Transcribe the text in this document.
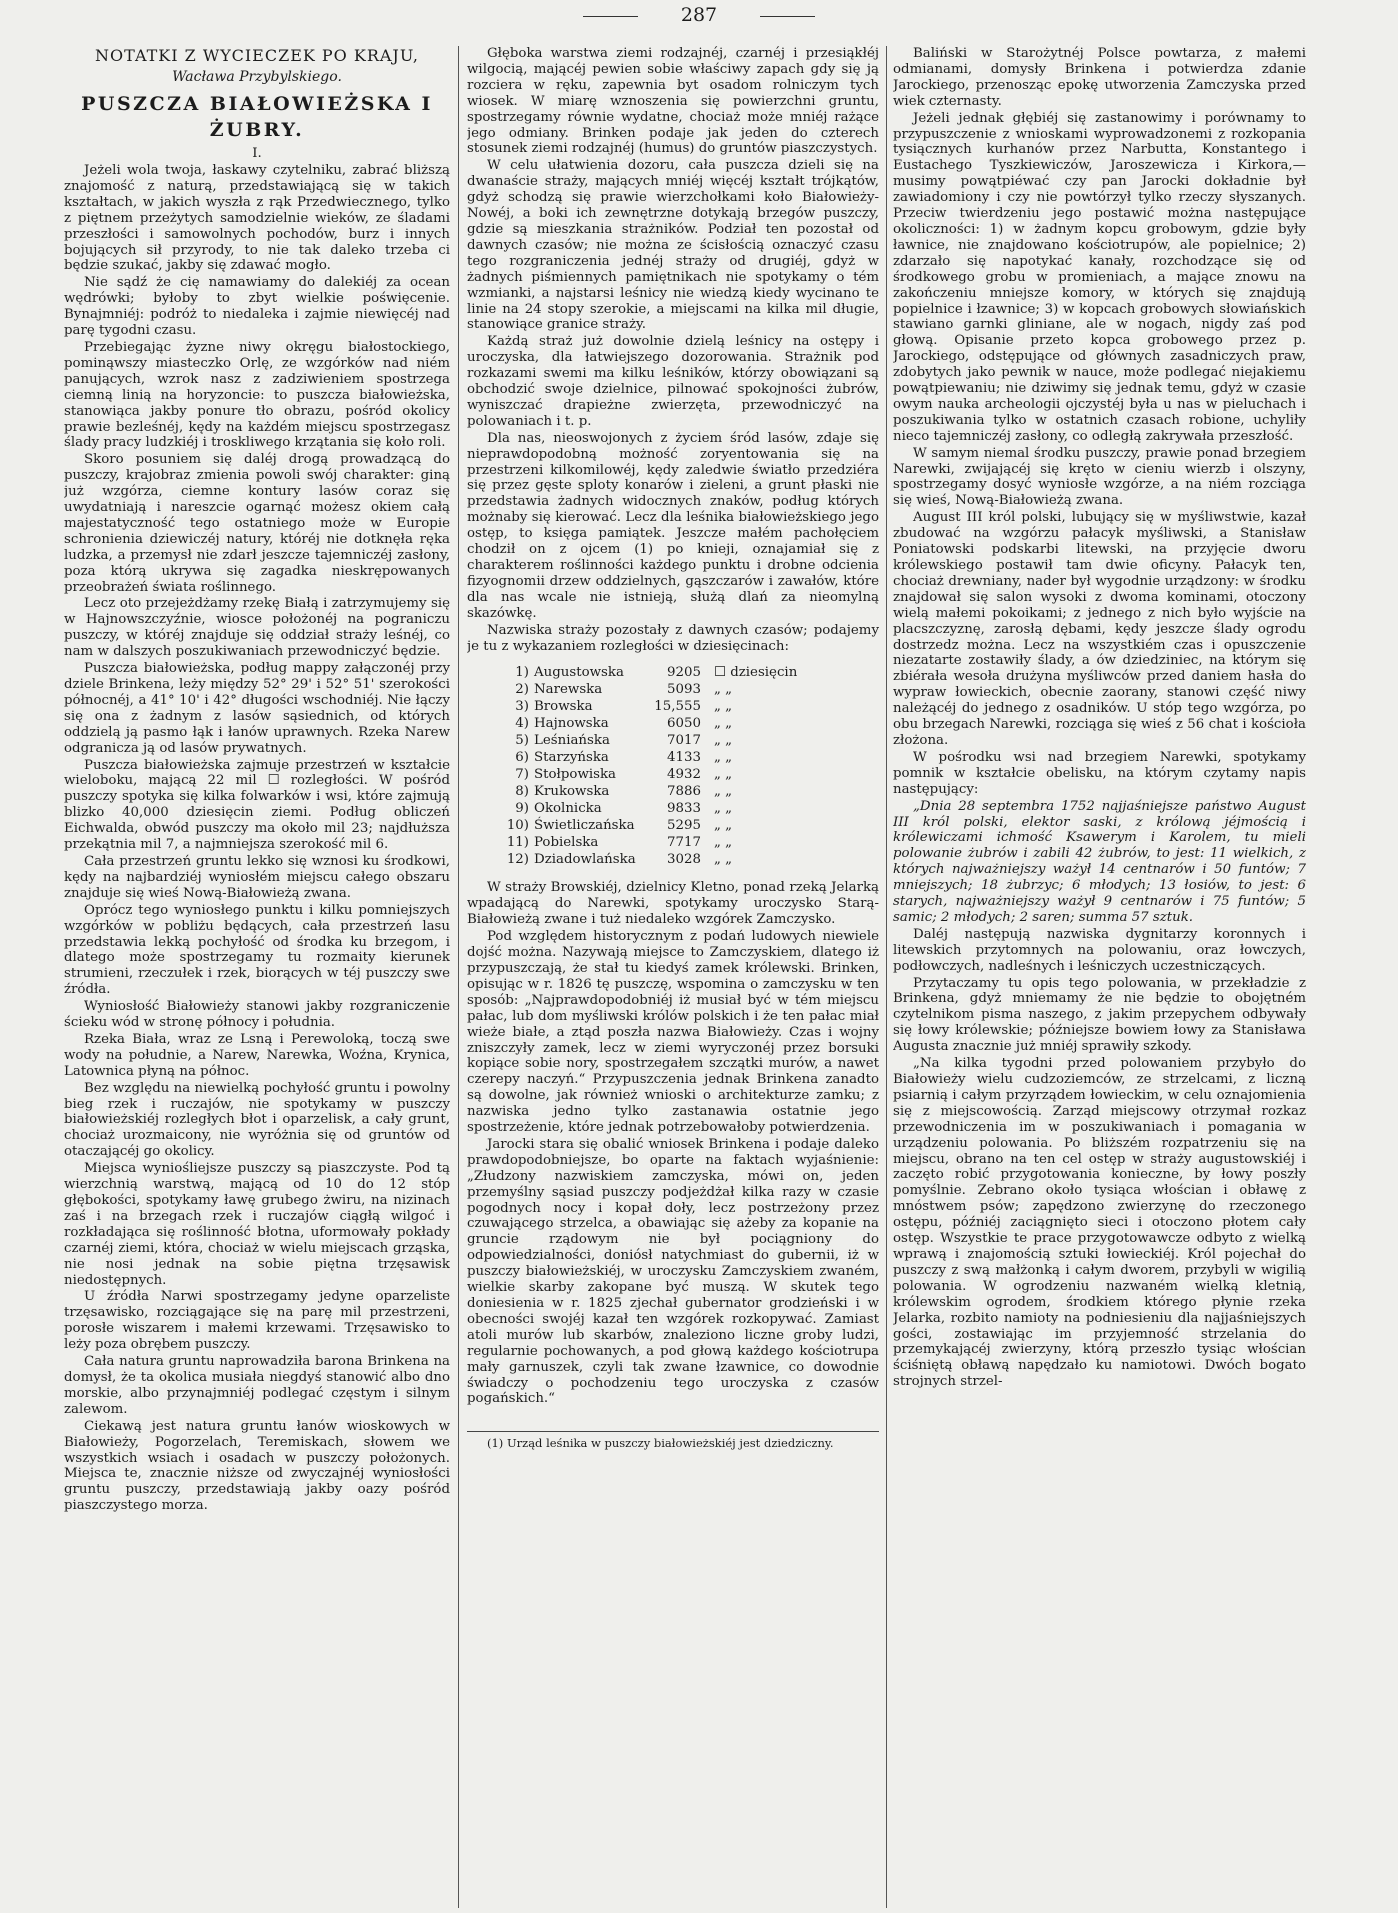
287
NOTATKI Z WYCIECZEK PO KRAJU,
Wacława Przybylskiego.
PUSZCZA BIAŁOWIEŻSKA I ŻUBRY.
I.

Jeżeli wola twoja, łaskawy czytelniku, zabrać bliższą znajomość z naturą, przedstawiającą się w takich kształtach, w jakich wyszła z rąk Przedwiecznego, tylko z piętnem przeżytych samodzielnie wieków, ze śladami przeszłości i samowolnych pochodów, burz i innych bojujących sił przyrody, to nie tak daleko trzeba ci będzie szukać, jakby się zdawać mogło.

Nie sądź że cię namawiamy do dalekiéj za ocean wędrówki; byłoby to zbyt wielkie poświęcenie. Bynajmniéj: podróż to niedaleka i zajmie niewięcéj nad parę tygodni czasu.

Przebiegając żyzne niwy okręgu białostockiego, pominąwszy miasteczko Orlę, ze wzgórków nad niém panujących, wzrok nasz z zadziwieniem spostrzega ciemną linią na horyzoncie: to puszcza białowieżska, stanowiąca jakby ponure tło obrazu, pośród okolicy prawie bezleśnéj, kędy na każdém miejscu spostrzegasz ślady pracy ludzkiéj i troskliwego krzątania się koło roli.

Skoro posuniem się daléj drogą prowadzącą do puszczy, krajobraz zmienia powoli swój charakter: giną już wzgórza, ciemne kontury lasów coraz się uwydatniają i nareszcie ogarnąć możesz okiem całą majestatyczność tego ostatniego może w Europie schronienia dziewiczéj natury, któréj nie dotknęła ręka ludzka, a przemysł nie zdarł jeszcze tajemniczéj zasłony, poza którą ukrywa się zagadka nieskrępowanych przeobrażeń świata roślinnego.

Lecz oto przejeżdżamy rzekę Białą i zatrzymujemy się w Hajnowszczyźnie, wiosce położonéj na pograniczu puszczy, w któréj znajduje się oddział straży leśnéj, co nam w dalszych poszukiwaniach przewodniczyć będzie.

Puszcza białowieżska, podług mappy załączonéj przy dziele Brinkena, leży między 52° 29' i 52° 51' szerokości północnéj, a 41° 10' i 42° długości wschodniéj. Nie łączy się ona z żadnym z lasów sąsiednich, od których oddzielą ją pasmo łąk i łanów uprawnych. Rzeka Narew odgranicza ją od lasów prywatnych.

Puszcza białowieżska zajmuje przestrzeń w kształcie wieloboku, mającą 22 mil ☐ rozległości. W pośród puszczy spotyka się kilka folwarków i wsi, które zajmują blizko 40,000 dziesięcin ziemi. Podług obliczeń Eichwalda, obwód puszczy ma około mil 23; najdłuższa przekątnia mil 7, a najmniejsza szerokość mil 6.

Cała przestrzeń gruntu lekko się wznosi ku środkowi, kędy na najbardziéj wyniosłém miejscu całego obszaru znajduje się wieś Nową-Białowieżą zwana.

Oprócz tego wyniosłego punktu i kilku pomniejszych wzgórków w pobliżu będących, cała przestrzeń lasu przedstawia lekką pochyłość od środka ku brzegom, i dlatego może spostrzegamy tu rozmaity kierunek strumieni, rzeczułek i rzek, biorących w téj puszczy swe źródła.

Wyniosłość Białowieży stanowi jakby rozgraniczenie ścieku wód w stronę północy i południa.

Rzeka Biała, wraz ze Lsną i Perewoloką, toczą swe wody na południe, a Narew, Narewka, Woźna, Krynica, Latownica płyną na północ.

Bez względu na niewielką pochyłość gruntu i powolny bieg rzek i ruczajów, nie spotykamy w puszczy białowieżskiéj rozległych błot i oparzelisk, a cały grunt, chociaż urozmaicony, nie wyróżnia się od gruntów od otaczającéj go okolicy.

Miejsca wyniośliejsze puszczy są piaszczyste. Pod tą wierzchnią warstwą, mającą od 10 do 12 stóp głębokości, spotykamy ławę grubego żwiru, na nizinach zaś i na brzegach rzek i ruczajów ciągłą wilgoć i rozkładająca się roślinność błotna, uformowały pokłady czarnéj ziemi, która, chociaż w wielu miejscach grząska, nie nosi jednak na sobie piętna trzęsawisk niedostępnych.

U źródła Narwi spostrzegamy jedyne oparzeliste trzęsawisko, rozciągające się na parę mil przestrzeni, porosłe wiszarem i małemi krzewami. Trzęsawisko to leży poza obrębem puszczy.

Cała natura gruntu naprowadziła barona Brinkena na domysł, że ta okolica musiała niegdyś stanowić albo dno morskie, albo przynajmniéj podlegać częstym i silnym zalewom.

Ciekawą jest natura gruntu łanów wioskowych w Białowieży, Pogorzelach, Teremiskach, słowem we wszystkich wsiach i osadach w puszczy położonych. Miejsca te, znacznie niższe od zwyczajnéj wyniosłości gruntu puszczy, przedstawiają jakby oazy pośród piaszczystego morza.

Głęboka warstwa ziemi rodzajnéj, czarnéj i przesiąkłéj wilgocią, mającéj pewien sobie właściwy zapach gdy się ją rozciera w ręku, zapewnia byt osadom rolniczym tych wiosek. W miarę wznoszenia się powierzchni gruntu, spostrzegamy równie wydatne, chociaż może mniéj rażące jego odmiany. Brinken podaje jak jeden do czterech stosunek ziemi rodzajnéj (humus) do gruntów piaszczystych.

W celu ułatwienia dozoru, cała puszcza dzieli się na dwanaście straży, mających mniéj więcéj kształt trójkątów, gdyż schodzą się prawie wierzchołkami koło Białowieży-Nowéj, a boki ich zewnętrzne dotykają brzegów puszczy, gdzie są mieszkania strażników. Podział ten pozostał od dawnych czasów; nie można ze ścisłością oznaczyć czasu tego rozgraniczenia jednéj straży od drugiéj, gdyż w żadnych piśmiennych pamiętnikach nie spotykamy o tém wzmianki, a najstarsi leśnicy nie wiedzą kiedy wycinano te linie na 24 stopy szerokie, a miejscami na kilka mil długie, stanowiące granice straży.

Każdą straż już dowolnie dzielą leśnicy na ostępy i uroczyska, dla łatwiejszego dozorowania. Strażnik pod rozkazami swemi ma kilku leśników, którzy obowiązani są obchodzić swoje dzielnice, pilnować spokojności żubrów, wyniszczać drapieżne zwierzęta, przewodniczyć na polowaniach i t. p.

Dla nas, nieoswojonych z życiem śród lasów, zdaje się nieprawdopodobną możność zoryentowania się na przestrzeni kilkomilowéj, kędy zaledwie światło przedziéra się przez gęste sploty konarów i zieleni, a grunt płaski nie przedstawia żadnych widocznych znaków, podług których możnaby się kierować. Lecz dla leśnika białowieżskiego jego ostęp, to księga pamiątek. Jeszcze małém pachołęciem chodził on z ojcem (1) po knieji, oznajamiał się z charakterem roślinności każdego punktu i drobne odcienia fizyognomii drzew oddzielnych, gąszczarów i zawałów, które dla nas wcale nie istnieją, służą dlań za nieomylną skazówkę.

Nazwiska straży pozostały z dawnych czasów; podajemy je tu z wykazaniem rozległości w dziesięcinach:

1)	Augustowska	9205	☐ dziesięcin
2)	Narewska	5093	„ „
3)	Browska	15,555	„ „
4)	Hajnowska	6050	„ „
5)	Leśniańska	7017	„ „
6)	Starzyńska	4133	„ „
7)	Stołpowiska	4932	„ „
8)	Krukowska	7886	„ „
9)	Okolnicka	9833	„ „
10)	Świetliczańska	5295	„ „
11)	Pobielska	7717	„ „
12)	Dziadowlańska	3028	„ „

W straży Browskiéj, dzielnicy Kletno, ponad rzeką Jelarką wpadającą do Narewki, spotykamy uroczysko Starą-Białowieżą zwane i tuż niedaleko wzgórek Zamczysko.

Pod względem historycznym z podań ludowych niewiele dojść można. Nazywają miejsce to Zamczyskiem, dlatego iż przypuszczają, że stał tu kiedyś zamek królewski. Brinken, opisując w r. 1826 tę puszczę, wspomina o zamczysku w ten sposób: „Najprawdopodobniéj iż musiał być w tém miejscu pałac, lub dom myśliwski królów polskich i że ten pałac miał wieże białe, a ztąd poszła nazwa Białowieży. Czas i wojny zniszczyły zamek, lecz w ziemi wyryczonéj przez borsuki kopiące sobie nory, spostrzegałem szczątki murów, a nawet czerepy naczyń.“ Przypuszczenia jednak Brinkena zanadto są dowolne, jak również wnioski o architekturze zamku; z nazwiska jedno tylko zastanawia ostatnie jego spostrzeżenie, które jednak potrzebowałoby potwierdzenia.

Jarocki stara się obalić wniosek Brinkena i podaje daleko prawdopodobniejsze, bo oparte na faktach wyjaśnienie: „Złudzony nazwiskiem zamczyska, mówi on, jeden przemyślny sąsiad puszczy podjeżdżał kilka razy w czasie pogodnych nocy i kopał doły, lecz postrzeżony przez czuwającego strzelca, a obawiając się ażeby za kopanie na gruncie rządowym nie był pociągniony do odpowiedzialności, doniósł natychmiast do gubernii, iż w puszczy białowieżskiéj, w uroczysku Zamczyskiem zwaném, wielkie skarby zakopane być muszą. W skutek tego doniesienia w r. 1825 zjechał gubernator grodzieński i w obecności swojéj kazał ten wzgórek rozkopywać. Zamiast atoli murów lub skarbów, znaleziono liczne groby ludzi, regularnie pochowanych, a pod głową każdego kościotrupa mały garnuszek, czyli tak zwane łzawnice, co dowodnie świadczy o pochodzeniu tego uroczyska z czasów pogańskich.“

(1) Urząd leśnika w puszczy białowieżskiéj jest dziedziczny.

Baliński w Starożytnéj Polsce powtarza, z małemi odmianami, domysły Brinkena i potwierdza zdanie Jarockiego, przenosząc epokę utworzenia Zamczyska przed wiek czternasty.

Jeżeli jednak głębiéj się zastanowimy i porównamy to przypuszczenie z wnioskami wyprowadzonemi z rozkopania tysiącznych kurhanów przez Narbutta, Konstantego i Eustachego Tyszkiewiczów, Jaroszewicza i Kirkora,— musimy powątpiéwać czy pan Jarocki dokładnie był zawiadomiony i czy nie powtórzył tylko rzeczy słyszanych. Przeciw twierdzeniu jego postawić można następujące okoliczności: 1) w żadnym kopcu grobowym, gdzie były ławnice, nie znajdowano kościotrupów, ale popielnice; 2) zdarzało się napotykać kanały, rozchodzące się od środkowego grobu w promieniach, a mające znowu na zakończeniu mniejsze komory, w których się znajdują popielnice i łzawnice; 3) w kopcach grobowych słowiańskich stawiano garnki gliniane, ale w nogach, nigdy zaś pod głową. Opisanie przeto kopca grobowego przez p. Jarockiego, odstępujące od głównych zasadniczych praw, zdobytych jako pewnik w nauce, może podlegać niejakiemu powątpiewaniu; nie dziwimy się jednak temu, gdyż w czasie owym nauka archeologii ojczystéj była u nas w pieluchach i poszukiwania tylko w ostatnich czasach robione, uchyliły nieco tajemniczéj zasłony, co odległą zakrywała przeszłość.

W samym niemal środku puszczy, prawie ponad brzegiem Narewki, zwijającéj się kręto w cieniu wierzb i olszyny, spostrzegamy dosyć wyniosłe wzgórze, a na niém rozciąga się wieś, Nową-Białowieżą zwana.

August III król polski, lubujący się w myśliwstwie, kazał zbudować na wzgórzu pałacyk myśliwski, a Stanisław Poniatowski podskarbi litewski, na przyjęcie dworu królewskiego postawił tam dwie oficyny. Pałacyk ten, chociaż drewniany, nader był wygodnie urządzony: w środku znajdował się salon wysoki z dwoma kominami, otoczony wielą małemi pokoikami; z jednego z nich było wyjście na placszczyznę, zarosłą dębami, kędy jeszcze ślady ogrodu dostrzedz można. Lecz na wszystkiém czas i opuszczenie niezatarte zostawiły ślady, a ów dziedziniec, na którym się zbiérała wesoła drużyna myśliwców przed daniem hasła do wypraw łowieckich, obecnie zaorany, stanowi część niwy należącéj do jednego z osadników. U stóp tego wzgórza, po obu brzegach Narewki, rozciąga się wieś z 56 chat i kościoła złożona.

W pośrodku wsi nad brzegiem Narewki, spotykamy pomnik w kształcie obelisku, na którym czytamy napis następujący:

„Dnia 28 septembra 1752 najjaśniejsze państwo August III król polski, elektor saski, z królową jéjmością i królewiczami ichmość Ksawerym i Karolem, tu mieli polowanie żubrów i zabili 42 żubrów, to jest: 11 wielkich, z których najważniejszy ważył 14 centnarów i 50 funtów; 7 mniejszych; 18 żubrzyc; 6 młodych; 13 łosiów, to jest: 6 starych, najważniejszy ważył 9 centnarów i 75 funtów; 5 samic; 2 młodych; 2 saren; summa 57 sztuk.

Daléj następują nazwiska dygnitarzy koronnych i litewskich przytomnych na polowaniu, oraz łowczych, podłowczych, nadleśnych i leśniczych uczestniczących.

Przytaczamy tu opis tego polowania, w przekładzie z Brinkena, gdyż mniemamy że nie będzie to obojętném czytelnikom pisma naszego, z jakim przepychem odbywały się łowy królewskie; późniejsze bowiem łowy za Stanisława Augusta znacznie już mniéj sprawiły szkody.

„Na kilka tygodni przed polowaniem przybyło do Białowieży wielu cudzoziemców, ze strzelcami, z liczną psiarnią i całym przyrządem łowieckim, w celu oznajomienia się z miejscowością. Zarząd miejscowy otrzymał rozkaz przewodniczenia im w poszukiwaniach i pomagania w urządzeniu polowania. Po bliższém rozpatrzeniu się na miejscu, obrano na ten cel ostęp w straży augustowskiéj i zaczęto robić przygotowania konieczne, by łowy poszły pomyślnie. Zebrano około tysiąca włościan i obławę z mnóstwem psów; zapędzono zwierzynę do rzeczonego ostępu, późniéj zaciągnięto sieci i otoczono płotem cały ostęp. Wszystkie te prace przygotowawcze odbyto z wielką wprawą i znajomością sztuki łowieckiéj. Król pojechał do puszczy z swą małżonką i całym dworem, przybyli w wigilią polowania. W ogrodzeniu nazwaném wielką kletnią, królewskim ogrodem, środkiem którego płynie rzeka Jelarka, rozbito namioty na podniesieniu dla najjaśniejszych gości, zostawiając im przyjemność strzelania do przemykającéj zwierzyny, którą przeszło tysiąc włościan ściśniętą obławą napędzało ku namiotowi. Dwóch bogato strojnych strzel-
